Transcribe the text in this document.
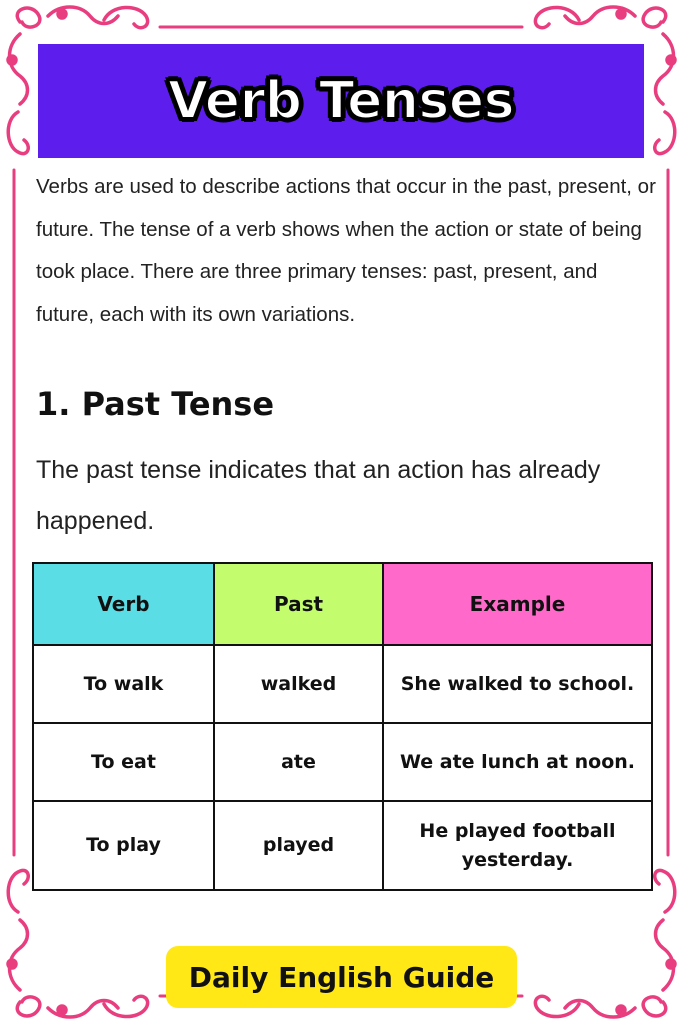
Verb Tenses

Verbs are used to describe actions that occur in the past, present, or future. The tense of a verb shows when the action or state of being took place. There are three primary tenses: past, present, and future, each with its own variations.

1. Past Tense

The past tense indicates that an action has already happened.

Verb	Past	Example
To walk	walked	She walked to school.
To eat	ate	We ate lunch at noon.
To play	played	He played football yesterday.
Daily English Guide
